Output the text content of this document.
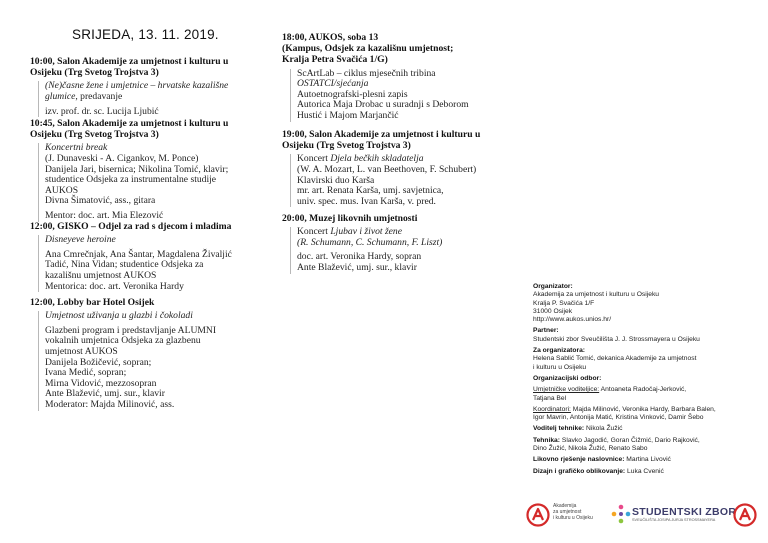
SRIJEDA, 13. 11. 2019.
10:00, Salon Akademije za umjetnost i kulturu u
Osijeku (Trg Svetog Trojstva 3)
(Ne)časne žene i umjetnice – hrvatske kazališne
glumice, predavanje
izv. prof. dr. sc. Lucija Ljubić
10:45, Salon Akademije za umjetnost i kulturu u
Osijeku (Trg Svetog Trojstva 3)
Koncertni break
(J. Dunaveski - A. Cigankov, M. Ponce)
Danijela Jari, bisernica; Nikolina Tomić, klavir;
studentice Odsjeka za instrumentalne studije
AUKOS
Divna Šimatović, ass., gitara
Mentor: doc. art. Mia Elezović
12:00, GISKO – Odjel za rad s djecom i mladima
Disneyeve heroine
Ana Cmrečnjak, Ana Šantar, Magdalena Živaljić
Tadić, Nina Vidan; studentice Odsjeka za
kazališnu umjetnost AUKOS
Mentorica: doc. art. Veronika Hardy
12:00, Lobby bar Hotel Osijek
Umjetnost uživanja u glazbi i čokoladi
Glazbeni program i predstavljanje ALUMNI
vokalnih umjetnica Odsjeka za glazbenu
umjetnost AUKOS
Danijela Božičević, sopran;
Ivana Medić, sopran;
Mirna Vidović, mezzosopran
Ante Blažević, umj. sur., klavir
Moderator: Majda Milinović, ass.
18:00, AUKOS, soba 13
(Kampus, Odsjek za kazališnu umjetnost;
Kralja Petra Svačića 1/G)
ScArtLab – ciklus mjesečnih tribina
OSTATCI/sjećanja
Autoetnografski-plesni zapis
Autorica Maja Drobac u suradnji s Deborom
Hustić i Majom Marjančić
19:00, Salon Akademije za umjetnost i kulturu u
Osijeku (Trg Svetog Trojstva 3)
Koncert Djela bečkih skladatelja
(W. A. Mozart, L. van Beethoven, F. Schubert)
Klavirski duo Karša
mr. art. Renata Karša, umj. savjetnica,
univ. spec. mus. Ivan Karša, v. pred.
20:00, Muzej likovnih umjetnosti
Koncert Ljubav i život žene
(R. Schumann, C. Schumann, F. Liszt)
doc. art. Veronika Hardy, sopran
Ante Blažević, umj. sur., klavir
Organizator:
Akademija za umjetnost i kulturu u Osijeku
Kralja P. Svačića 1/F
31000 Osijek
http://www.aukos.unios.hr/
Partner:
Studentski zbor Sveučilišta J. J. Strossmayera u Osijeku
Za organizatora:
Helena Sablić Tomić, dekanica Akademije za umjetnost
i kulturu u Osijeku
Organizacijski odbor:
Umjetničke voditeljice: Antoaneta Radočaj-Jerković,
Tatjana Bel
Koordinatori: Majda Milinović, Veronika Hardy, Barbara Balen,
Igor Mavrin, Antonija Matić, Kristina Vinković, Damir Šebo
Voditelj tehnike: Nikola Žužić
Tehnika: Slavko Jagodić, Goran Čižmić, Dario Rajković,
Dino Žužić, Nikola Žužić, Renato Sabo
Likovno rješenje naslovnice: Martina Livović
Dizajn i grafičko oblikovanje: Luka Cvenić
Akademija
za umjetnost
i kulturu u Osijeku	STUDENTSKI ZBOR
SVEUČILIŠTA JOSIPA JURJA STROSSMAYERA
